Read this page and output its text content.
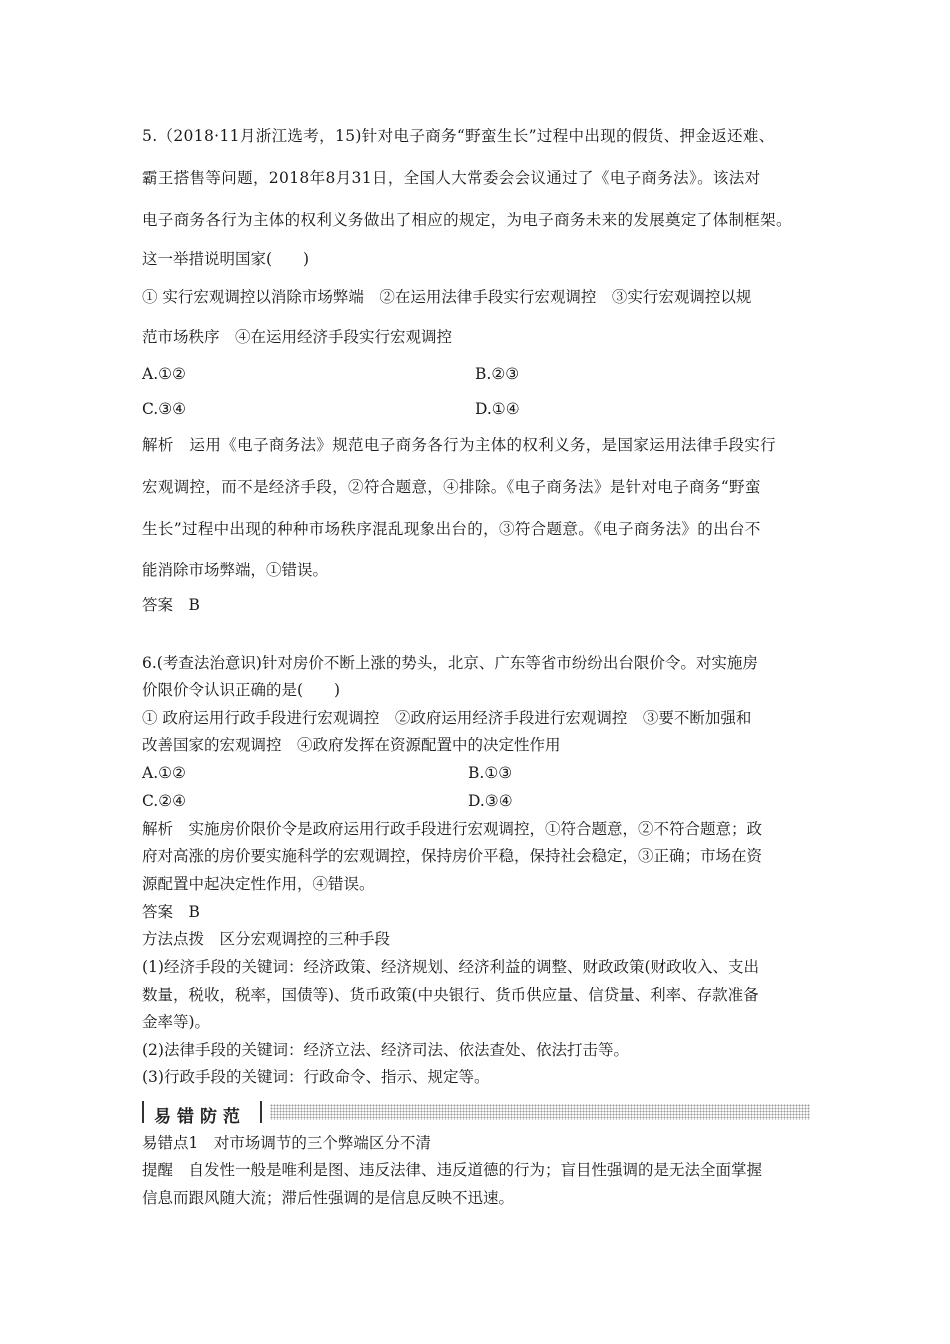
5.（2018·11月浙江选考，15)针对电子商务“野蛮生长”过程中出现的假货、押金返还难、
霸王搭售等问题，2018年8月31日，全国人大常委会会议通过了《电子商务法》。该法对
电子商务各行为主体的权利义务做出了相应的规定，为电子商务未来的发展奠定了体制框架。
这一举措说明国家(　　)
① 实行宏观调控以消除市场弊端　②在运用法律手段实行宏观调控　③实行宏观调控以规
范市场秩序　④在运用经济手段实行宏观调控
A.①②	B.②③
C.③④	D.①④
解析　运用《电子商务法》规范电子商务各行为主体的权利义务，是国家运用法律手段实行
宏观调控，而不是经济手段，②符合题意，④排除。《电子商务法》是针对电子商务“野蛮
生长”过程中出现的种种市场秩序混乱现象出台的，③符合题意。《电子商务法》的出台不
能消除市场弊端，①错误。
答案　B
6.(考查法治意识)针对房价不断上涨的势头，北京、广东等省市纷纷出台限价令。对实施房
价限价令认识正确的是(　　)
① 政府运用行政手段进行宏观调控　②政府运用经济手段进行宏观调控　③要不断加强和
改善国家的宏观调控　④政府发挥在资源配置中的决定性作用
A.①②	B.①③
C.②④	D.③④
解析　实施房价限价令是政府运用行政手段进行宏观调控，①符合题意，②不符合题意；政
府对高涨的房价要实施科学的宏观调控，保持房价平稳，保持社会稳定，③正确；市场在资
源配置中起决定性作用，④错误。
答案　B
方法点拨　区分宏观调控的三种手段
(1)经济手段的关键词：经济政策、经济规划、经济利益的调整、财政政策(财政收入、支出
数量，税收，税率，国债等)、货币政策(中央银行、货币供应量、信贷量、利率、存款准备
金率等)。
(2)法律手段的关键词：经济立法、经济司法、依法查处、依法打击等。
(3)行政手段的关键词：行政命令、指示、规定等。
易错防范
易错点1　对市场调节的三个弊端区分不清
提醒　自发性一般是唯利是图、违反法律、违反道德的行为；盲目性强调的是无法全面掌握
信息而跟风随大流；滞后性强调的是信息反映不迅速。
